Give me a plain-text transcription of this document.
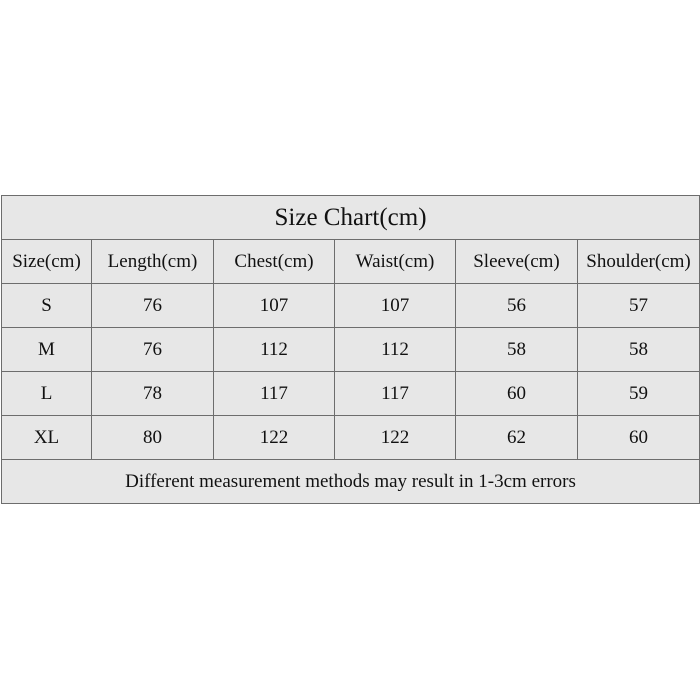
Size Chart(cm)					
Size(cm)	Length(cm)	Chest(cm)	Waist(cm)	Sleeve(cm)	Shoulder(cm)
S	76	107	107	56	57
M	76	112	112	58	58
L	78	117	117	60	59
XL	80	122	122	62	60
Different measurement methods may result in 1-3cm errors					
